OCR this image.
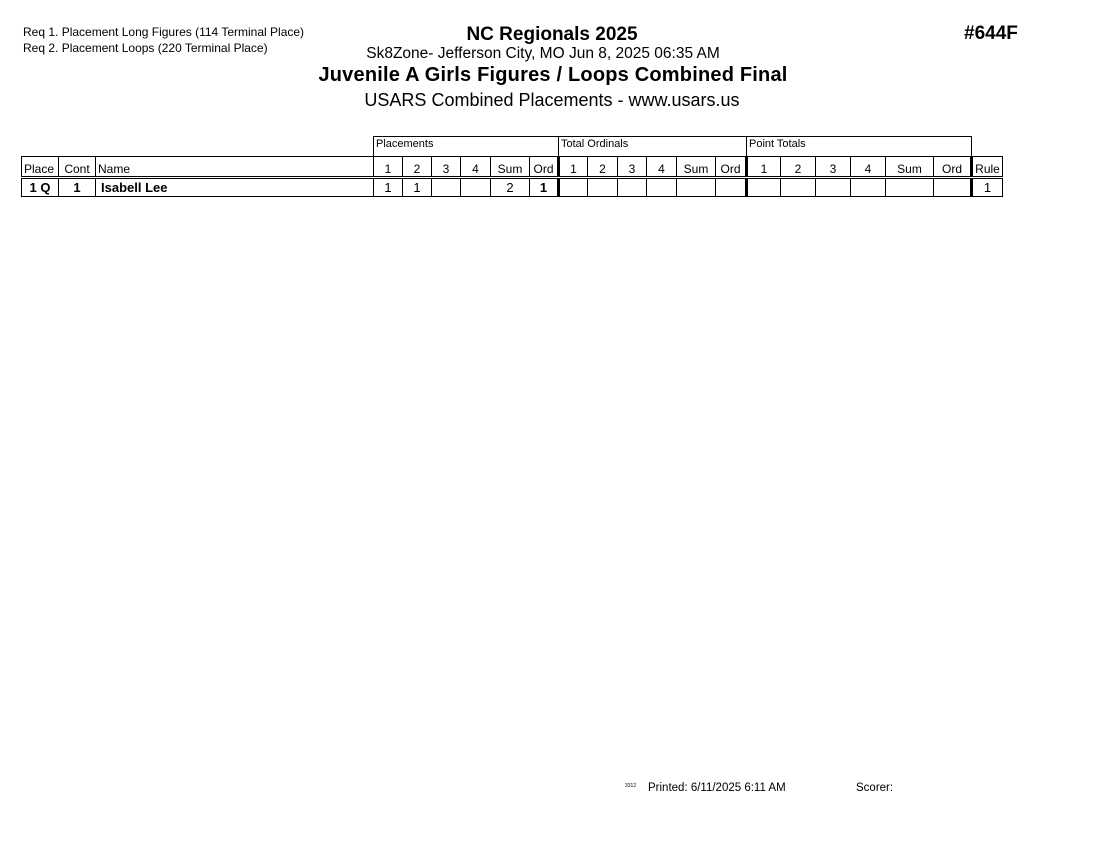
Req 1. Placement Long Figures (114 Terminal Place)
Req 2. Placement Loops (220 Terminal Place)
NC Regionals 2025
Sk8Zone- Jefferson City, MO Jun 8, 2025 06:35 AM
Juvenile A Girls Figures / Loops Combined Final
USARS Combined Placements - www.usars.us
#644F
			Placements						Total Ordinals						Point Totals						
Place	Cont	Name	1	2	3	4	Sum	Ord	1	2	3	4	Sum	Ord	1	2	3	4	Sum	Ord	Rule
1 Q	1	Isabell Lee	1	1			2	1													1
3312 Printed: 6/11/2025 6:11 AM	Scorer:
